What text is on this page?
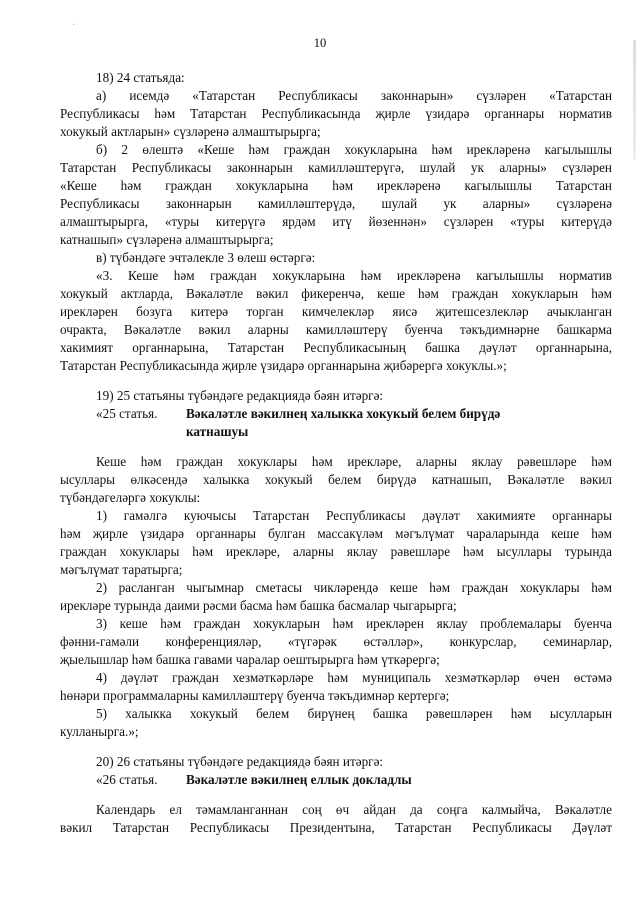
·
10
18) 24 статьяда:
а) исемдә «Татарстан Республикасы законнарын» сүзләрен «Татарстан
Республикасы һәм Татарстан Республикасында җирле үзидарә органнары норматив
хокукый актларын» сүзләренә алмаштырырга;
б) 2 өлештә «Кеше һәм граждан хокукларына һәм ирекләренә кагылышлы
Татарстан Республикасы законнарын камилләштерүгә, шулай ук аларны» сүзләрен
«Кеше һәм граждан хокукларына һәм ирекләренә кагылышлы Татарстан
Республикасы законнарын камилләштерүдә, шулай ук аларны» сүзләренә
алмаштырырга, «туры китерүгә ярдәм итү йөзеннән» сүзләрен «туры китерүдә
катнашып» сүзләренә алмаштырырга;
в) түбәндәге эчтәлекле 3 өлеш өстәргә:
«3. Кеше һәм граждан хокукларына һәм ирекләренә кагылышлы норматив
хокукый актларда, Вәкаләтле вәкил фикеренчә, кеше һәм граждан хокукларын һәм
ирекләрен бозуга китерә торган кимчелекләр яисә җитешсезлекләр ачыкланган
очракта, Вәкаләтле вәкил аларны камилләштерү буенча тәкъдимнәрне башкарма
хакимият органнарына, Татарстан Республикасының башка дәүләт органнарына,
Татарстан Республикасында җирле үзидарә органнарына җибәрергә хокуклы.»;
19) 25 статьяны түбәндәге редакциядә бәян итәргә:
«25 статья. Вәкаләтле вәкилнең халыкка хокукый белем бирүдә
катнашуы
Кеше һәм граждан хокуклары һәм ирекләре, аларны яклау рәвешләре һәм
ысуллары өлкәсендә халыкка хокукый белем бирүдә катнашып, Вәкаләтле вәкил
түбәндәгеләргә хокуклы:
1) гамәлгә куючысы Татарстан Республикасы дәүләт хакимияте органнары
һәм җирле үзидарә органнары булган массакүләм мәгълүмат чараларында кеше һәм
граждан хокуклары һәм ирекләре, аларны яклау рәвешләре һәм ысуллары турында
мәгълүмат таратырга;
2) расланган чыгымнар сметасы чикләрендә кеше һәм граждан хокуклары һәм
ирекләре турында даими рәсми басма һәм башка басмалар чыгарырга;
3) кеше һәм граждан хокукларын һәм ирекләрен яклау проблемалары буенча
фәнни-гамәли конференцияләр, «түгәрәк өстәлләр», конкурслар, семинарлар,
җыелышлар һәм башка гавами чаралар оештырырга һәм үткәрергә;
4) дәүләт граждан хезмәткәрләре һәм муниципаль хезмәткәрләр өчен өстәмә
һөнәри программаларны камилләштерү буенча тәкъдимнәр кертергә;
5) халыкка хокукый белем бирүнең башка рәвешләрен һәм ысулларын
кулланырга.»;
20) 26 статьяны түбәндәге редакциядә бәян итәргә:
«26 статья. Вәкаләтле вәкилнең еллык докладлы
Календарь ел тәмамланганнан соң өч айдан да соңга калмыйча, Вәкаләтле
вәкил Татарстан Республикасы Президентына, Татарстан Республикасы Дәүләт
